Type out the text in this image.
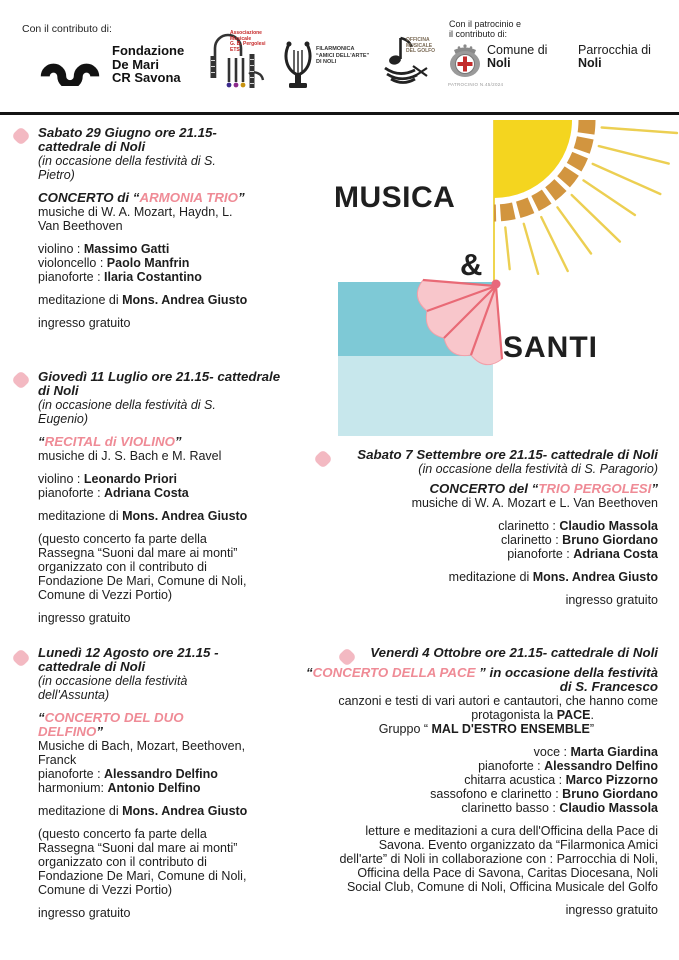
Con il contributo di:
Fondazione
De Mari
CR Savona
Associazione
Musicale
G. B. Pergolesi
ETS	FILARMONICA
“AMICI DELL'ARTE”
DI NOLI
OFFICINA
MUSICALE
DEL GOLFO
Con il patrocinio e
il contributo di:
Comune di
Noli
PATROCINIO N.45/2024
Parrocchia di
Noli
MUSICA
&
SANTI
Sabato 29 Giugno ore 21.15-
cattedrale di Noli
(in occasione della festività di S.
Pietro)
CONCERTO di “ARMONIA TRIO”
musiche di W. A. Mozart, Haydn, L.
Van Beethoven
violino : Massimo Gatti
violoncello : Paolo Manfrin
pianoforte : Ilaria Costantino
meditazione di Mons. Andrea Giusto
ingresso gratuito
Giovedì 11 Luglio ore 21.15- cattedrale
di Noli
(in occasione della festività di S.
Eugenio)
“RECITAL di VIOLINO”
musiche di J. S. Bach e M. Ravel
violino : Leonardo Priori
pianoforte : Adriana Costa
meditazione di Mons. Andrea Giusto
(questo concerto fa parte della
Rassegna “Suoni dal mare ai monti”
organizzato con il contributo di
Fondazione De Mari, Comune di Noli,
Comune di Vezzi Portio)
ingresso gratuito
Lunedì 12 Agosto ore 21.15 -
cattedrale di Noli
(in occasione della festività
dell'Assunta)
“CONCERTO DEL DUO
DELFINO”
Musiche di Bach, Mozart, Beethoven,
Franck
pianoforte : Alessandro Delfino
harmonium: Antonio Delfino
meditazione di Mons. Andrea Giusto
(questo concerto fa parte della
Rassegna “Suoni dal mare ai monti”
organizzato con il contributo di
Fondazione De Mari, Comune di Noli,
Comune di Vezzi Portio)
ingresso gratuito
Sabato 7 Settembre ore 21.15- cattedrale di Noli
(in occasione della festività di S. Paragorio)
CONCERTO del “TRIO PERGOLESI”
musiche di W. A. Mozart e L. Van Beethoven
clarinetto : Claudio Massola
clarinetto : Bruno Giordano
pianoforte : Adriana Costa
meditazione di Mons. Andrea Giusto
ingresso gratuito
Venerdì 4 Ottobre ore 21.15- cattedrale di Noli
“CONCERTO DELLA PACE ” in occasione della festività
di S. Francesco
canzoni e testi di vari autori e cantautori, che hanno come
protagonista la PACE.
Gruppo “ MAL D'ESTRO ENSEMBLE”
voce : Marta Giardina
pianoforte : Alessandro Delfino
chitarra acustica : Marco Pizzorno
sassofono e clarinetto : Bruno Giordano
clarinetto basso : Claudio Massola
letture e meditazioni a cura dell'Officina della Pace di
Savona. Evento organizzato da “Filarmonica Amici
dell'arte” di Noli in collaborazione con : Parrocchia di Noli,
Officina della Pace di Savona, Caritas Diocesana, Noli
Social Club, Comune di Noli, Officina Musicale del Golfo
ingresso gratuito
